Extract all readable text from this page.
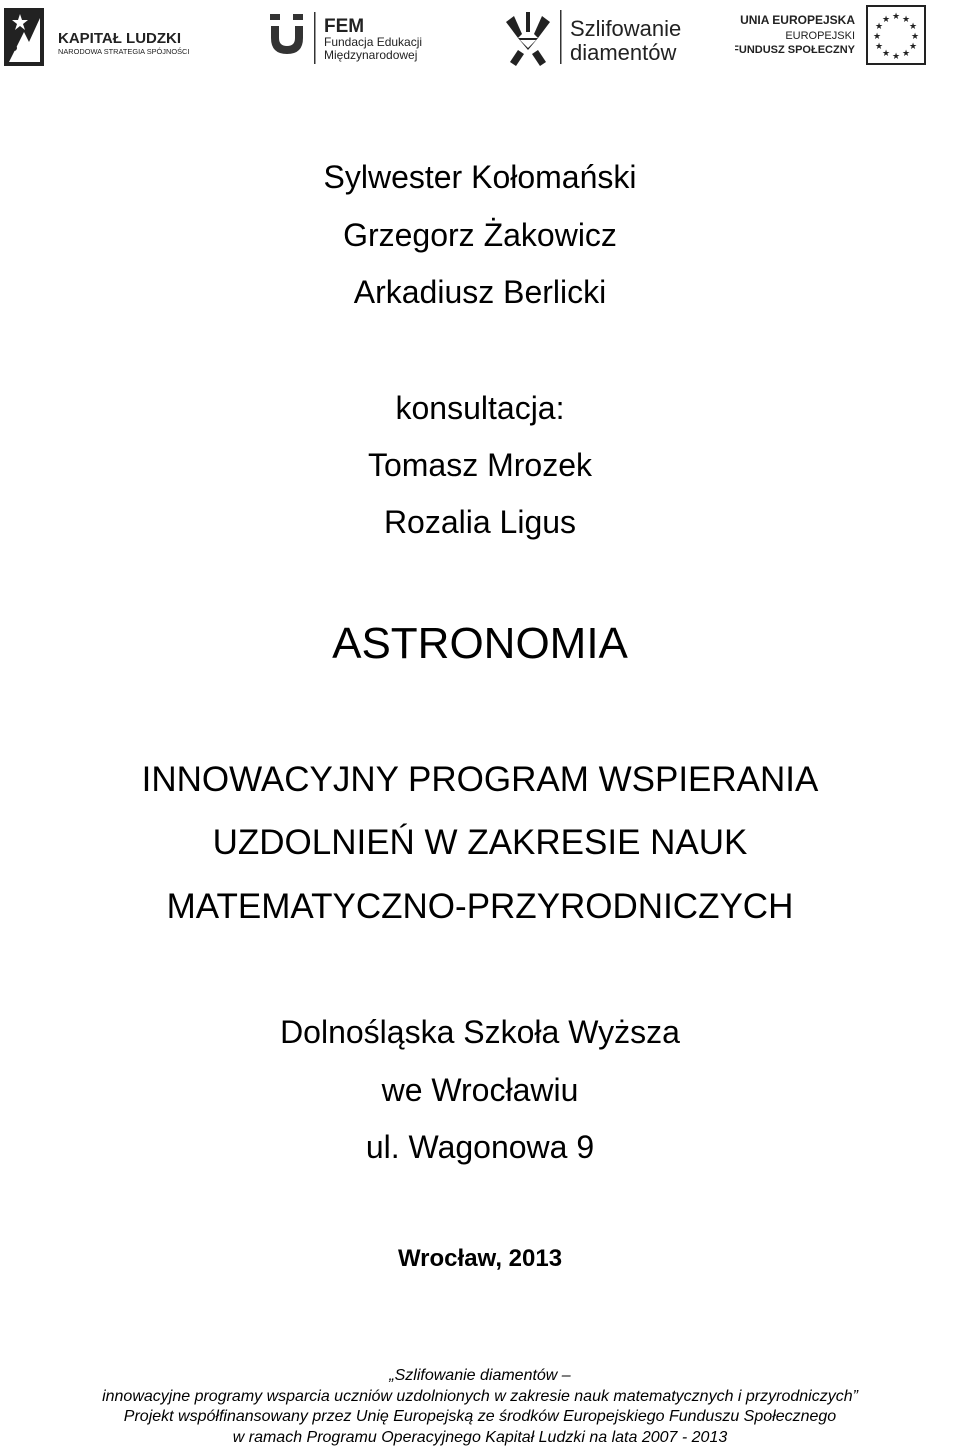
KAPITAŁ LUDZKI
NARODOWA STRATEGIA SPÓJNOŚCI
FEM
Fundacja Edukacji
Międzynarodowej
Szlifowanie
diamentów
UNIA EUROPEJSKA
EUROPEJSKI
FUNDUSZ SPOŁECZNY
★ ★
★
★
★
★
★
★
★
★
★
★
Sylwester Kołomański
Grzegorz Żakowicz
Arkadiusz Berlicki
konsultacja:
Tomasz Mrozek
Rozalia Ligus
ASTRONOMIA
INNOWACYJNY PROGRAM WSPIERANIA
UZDOLNIEŃ W ZAKRESIE NAUK
MATEMATYCZNO-PRZYRODNICZYCH
Dolnośląska Szkoła Wyższa
we Wrocławiu
ul. Wagonowa 9
Wrocław, 2013
„Szlifowanie diamentów –
innowacyjne programy wsparcia uczniów uzdolnionych w zakresie nauk matematycznych i przyrodniczych”
Projekt współfinansowany przez Unię Europejską ze środków Europejskiego Funduszu Społecznego
w ramach Programu Operacyjnego Kapitał Ludzki na lata 2007 - 2013
